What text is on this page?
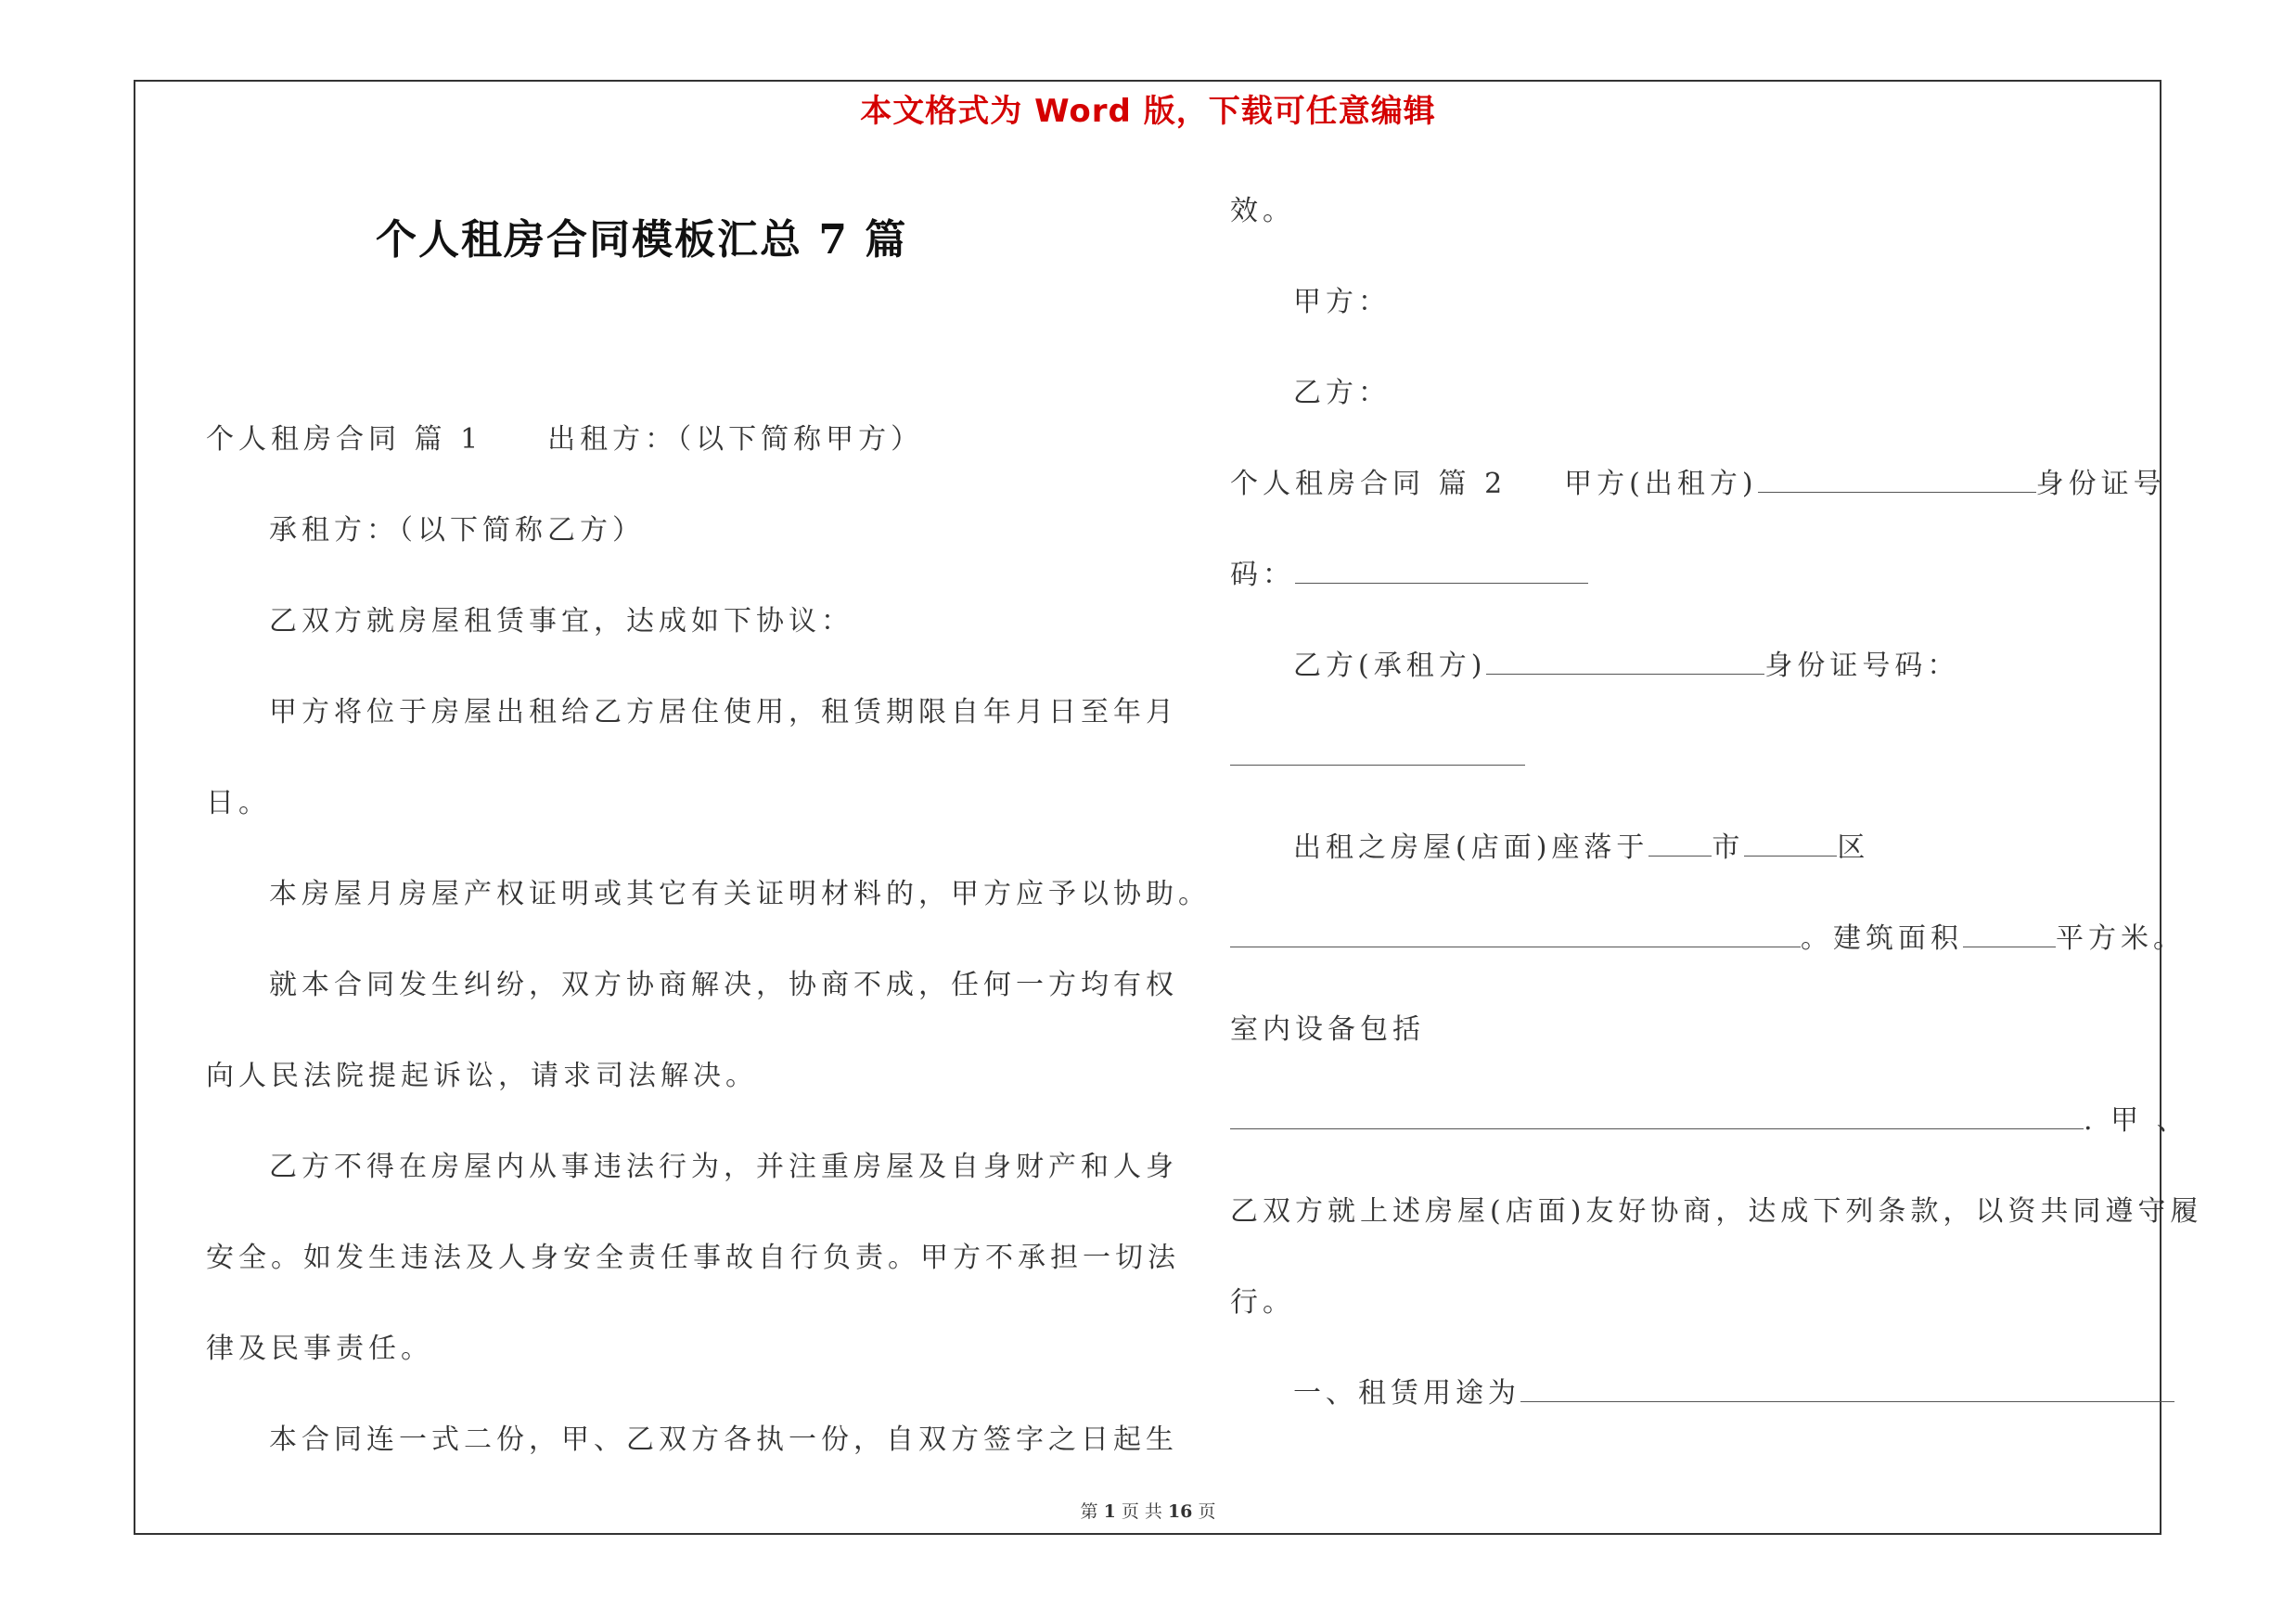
本文格式为 Word 版，下载可任意编辑
个人租房合同模板汇总 7 篇
个人租房合同 篇 1 出租方：（以下简称甲方）
承租方：（以下简称乙方）
乙双方就房屋租赁事宜，达成如下协议：
甲方将位于房屋出租给乙方居住使用，租赁期限自年月日至年月
日。
本房屋月房屋产权证明或其它有关证明材料的，甲方应予以协助。
就本合同发生纠纷，双方协商解决，协商不成，任何一方均有权
向人民法院提起诉讼，请求司法解决。
乙方不得在房屋内从事违法行为，并注重房屋及自身财产和人身
安全。如发生违法及人身安全责任事故自行负责。甲方不承担一切法
律及民事责任。
本合同连一式二份，甲、乙双方各执一份，自双方签字之日起生
效。
甲方：
乙方：
个人租房合同 篇 2 甲方(出租方)	身份证号
码：
乙方(承租方)	身份证号码：
出租之房屋(店面)座落于 市	区
。建筑面积	平方米。
室内设备包括
. 甲 、
乙双方就上述房屋(店面)友好协商，达成下列条款，以资共同遵守履
行。
一、租赁用途为
第 1 页 共 16 页
